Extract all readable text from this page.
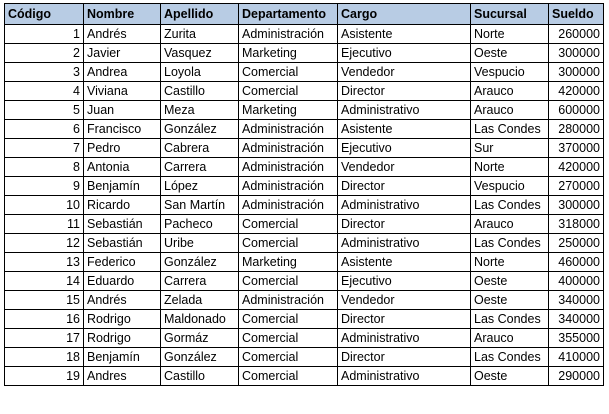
Código	Nombre	Apellido	Departamento	Cargo	Sucursal	Sueldo
1	Andrés	Zurita	Administración	Asistente	Norte	260000
2	Javier	Vasquez	Marketing	Ejecutivo	Oeste	300000
3	Andrea	Loyola	Comercial	Vendedor	Vespucio	300000
4	Viviana	Castillo	Comercial	Director	Arauco	420000
5	Juan	Meza	Marketing	Administrativo	Arauco	600000
6	Francisco	González	Administración	Asistente	Las Condes	280000
7	Pedro	Cabrera	Administración	Ejecutivo	Sur	370000
8	Antonia	Carrera	Administración	Vendedor	Norte	420000
9	Benjamín	López	Administración	Director	Vespucio	270000
10	Ricardo	San Martín	Administración	Administrativo	Las Condes	300000
11	Sebastián	Pacheco	Comercial	Director	Arauco	318000
12	Sebastián	Uribe	Comercial	Administrativo	Las Condes	250000
13	Federico	González	Marketing	Asistente	Norte	460000
14	Eduardo	Carrera	Comercial	Ejecutivo	Oeste	400000
15	Andrés	Zelada	Administración	Vendedor	Oeste	340000
16	Rodrigo	Maldonado	Comercial	Director	Las Condes	340000
17	Rodrigo	Gormáz	Comercial	Administrativo	Arauco	355000
18	Benjamín	González	Comercial	Director	Las Condes	410000
19	Andres	Castillo	Comercial	Administrativo	Oeste	290000
